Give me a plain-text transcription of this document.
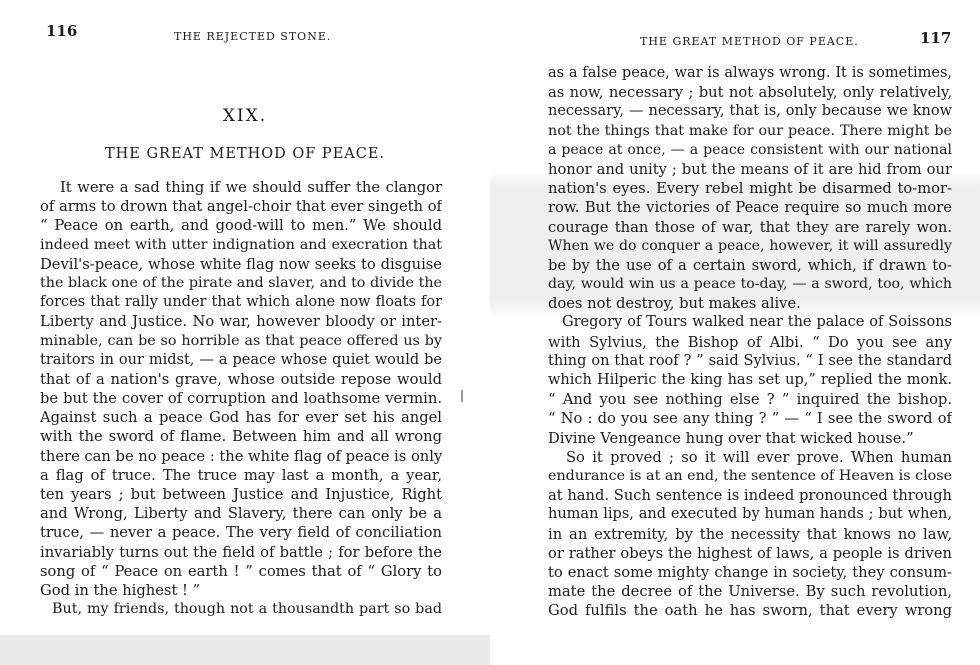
116	THE REJECTED STONE.
XIX.
THE GREAT METHOD OF PEACE.
It were a sad thing if we should suffer the clangor
of arms to drown that angel-choir that ever singeth of
“ Peace on earth, and good-will to men.” We should
indeed meet with utter indignation and execration that
Devil's-peace, whose white flag now seeks to disguise
the black one of the pirate and slaver, and to divide the
forces that rally under that which alone now floats for
Liberty and Justice. No war, however bloody or inter-
minable, can be so horrible as that peace offered us by
traitors in our midst, — a peace whose quiet would be
that of a nation's grave, whose outside repose would
be but the cover of corruption and loathsome vermin.
Against such a peace God has for ever set his angel
with the sword of flame. Between him and all wrong
there can be no peace : the white flag of peace is only
a flag of truce. The truce may last a month, a year,
ten years ; but between Justice and Injustice, Right
and Wrong, Liberty and Slavery, there can only be a
truce, — never a peace. The very field of conciliation
invariably turns out the field of battle ; for before the
song of “ Peace on earth ! ” comes that of “ Glory to
God in the highest ! ”
But, my friends, though not a thousandth part so bad
THE GREAT METHOD OF PEACE.	117
as a false peace, war is always wrong. It is sometimes,
as now, necessary ; but not absolutely, only relatively,
necessary, — necessary, that is, only because we know
not the things that make for our peace. There might be
a peace at once, — a peace consistent with our national
honor and unity ; but the means of it are hid from our
nation's eyes. Every rebel might be disarmed to-mor-
row. But the victories of Peace require so much more
courage than those of war, that they are rarely won.
When we do conquer a peace, however, it will assuredly
be by the use of a certain sword, which, if drawn to-
day, would win us a peace to-day, — a sword, too, which
does not destroy, but makes alive.
Gregory of Tours walked near the palace of Soissons
with Sylvius, the Bishop of Albi. “ Do you see any
thing on that roof ? ” said Sylvius. “ I see the standard
which Hilperic the king has set up,” replied the monk.
“ And you see nothing else ? ” inquired the bishop.
“ No : do you see any thing ? ” — “ I see the sword of
Divine Vengeance hung over that wicked house.”
So it proved ; so it will ever prove. When human
endurance is at an end, the sentence of Heaven is close
at hand. Such sentence is indeed pronounced through
human lips, and executed by human hands ; but when,
in an extremity, by the necessity that knows no law,
or rather obeys the highest of laws, a people is driven
to enact some mighty change in society, they consum-
mate the decree of the Universe. By such revolution,
God fulfils the oath he has sworn, that every wrong
